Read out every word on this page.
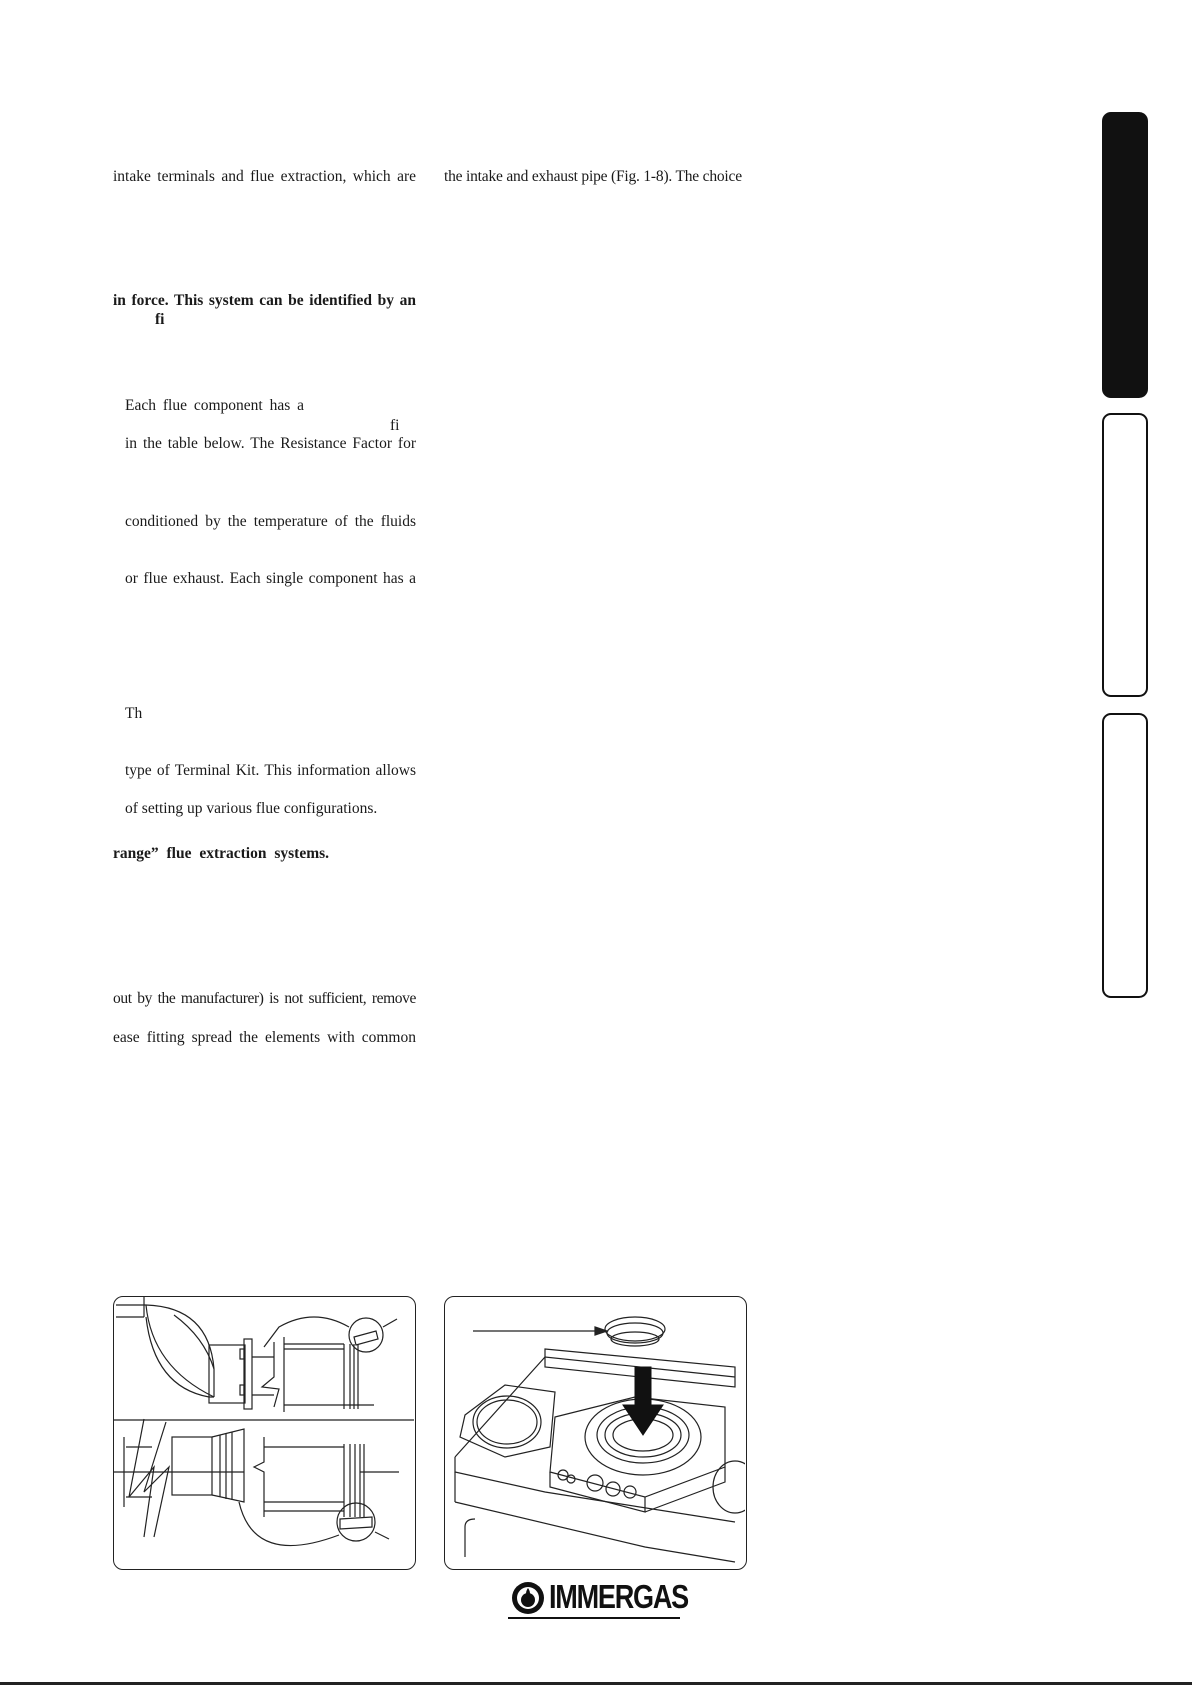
intake terminals and flue extraction, which are
in force. This system can be identified by an
fi
Each flue component has a
fi
in the table below. The Resistance Factor for
conditioned by the temperature of the fluids
or flue exhaust. Each single component has a
Th
type of Terminal Kit. This information allows
of setting up various flue configurations.
range” flue extraction systems.
out by the manufacturer) is not sufficient, remove
ease fitting spread the elements with common
the intake and exhaust pipe (Fig. 1-8). The choice
IMMERGAS
